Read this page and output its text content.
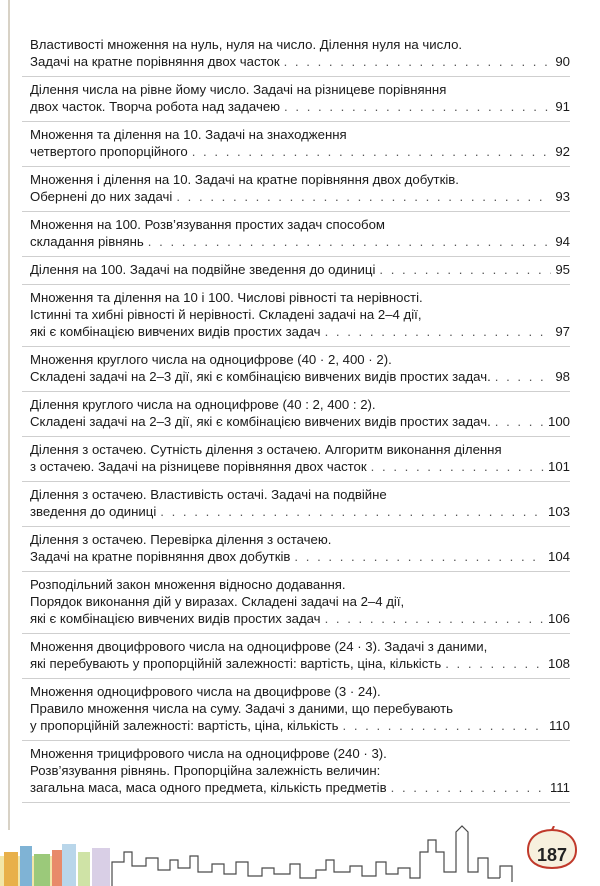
Властивості множення на нуль, нуля на число. Ділення нуля на число.
Задачі на кратне порівняння двох часток . . .	90
Ділення числа на рівне йому число. Задачі на різницеве порівняння
двох часток. Творча робота над задачею . . .	91
Множення та ділення на 10. Задачі на знаходження
четвертого пропорційного . . .	92
Множення і ділення на 10. Задачі на кратне порівняння двох добутків.
Обернені до них задачі . . .	93
Множення на 100. Розв’язування простих задач способом
складання рівнянь . . .	94
Ділення на 100. Задачі на подвійне зведення до одиниці . . .	95
Множення та ділення на 10 і 100. Числові рівності та нерівності.
Істинні та хибні рівності й нерівності. Складені задачі на 2–4 дії,
які є комбінацією вивчених видів простих задач . . .	97
Множення круглого числа на одноцифрове (40 · 2, 400 · 2).
Складені задачі на 2–3 дії, які є комбінацією вивчених видів простих задач. . . .	98
Ділення круглого числа на одноцифрове (40 : 2, 400 : 2).
Складені задачі на 2–3 дії, які є комбінацією вивчених видів простих задач. . . .	100
Ділення з остачею. Сутність ділення з остачею. Алгоритм виконання ділення
з остачею. Задачі на різницеве порівняння двох часток . . .	101
Ділення з остачею. Властивість остачі. Задачі на подвійне
зведення до одиниці . . .	103
Ділення з остачею. Перевірка ділення з остачею.
Задачі на кратне порівняння двох добутків . . .	104
Розподільний закон множення відносно додавання.
Порядок виконання дій у виразах. Складені задачі на 2–4 дії,
які є комбінацією вивчених видів простих задач . . .	106
Множення двоцифрового числа на одноцифрове (24 · 3). Задачі з даними,
які перебувають у пропорційній залежності: вартість, ціна, кількість . . .	108
Множення одноцифрового числа на двоцифрове (3 · 24).
Правило множення числа на суму. Задачі з даними, що перебувають
у пропорційній залежності: вартість, ціна, кількість . . .	110
Множення трицифрового числа на одноцифрове (240 · 3).
Розв’язування рівнянь. Пропорційна залежність величин:
загальна маса, маса одного предмета, кількість предметів . . .	111
187
